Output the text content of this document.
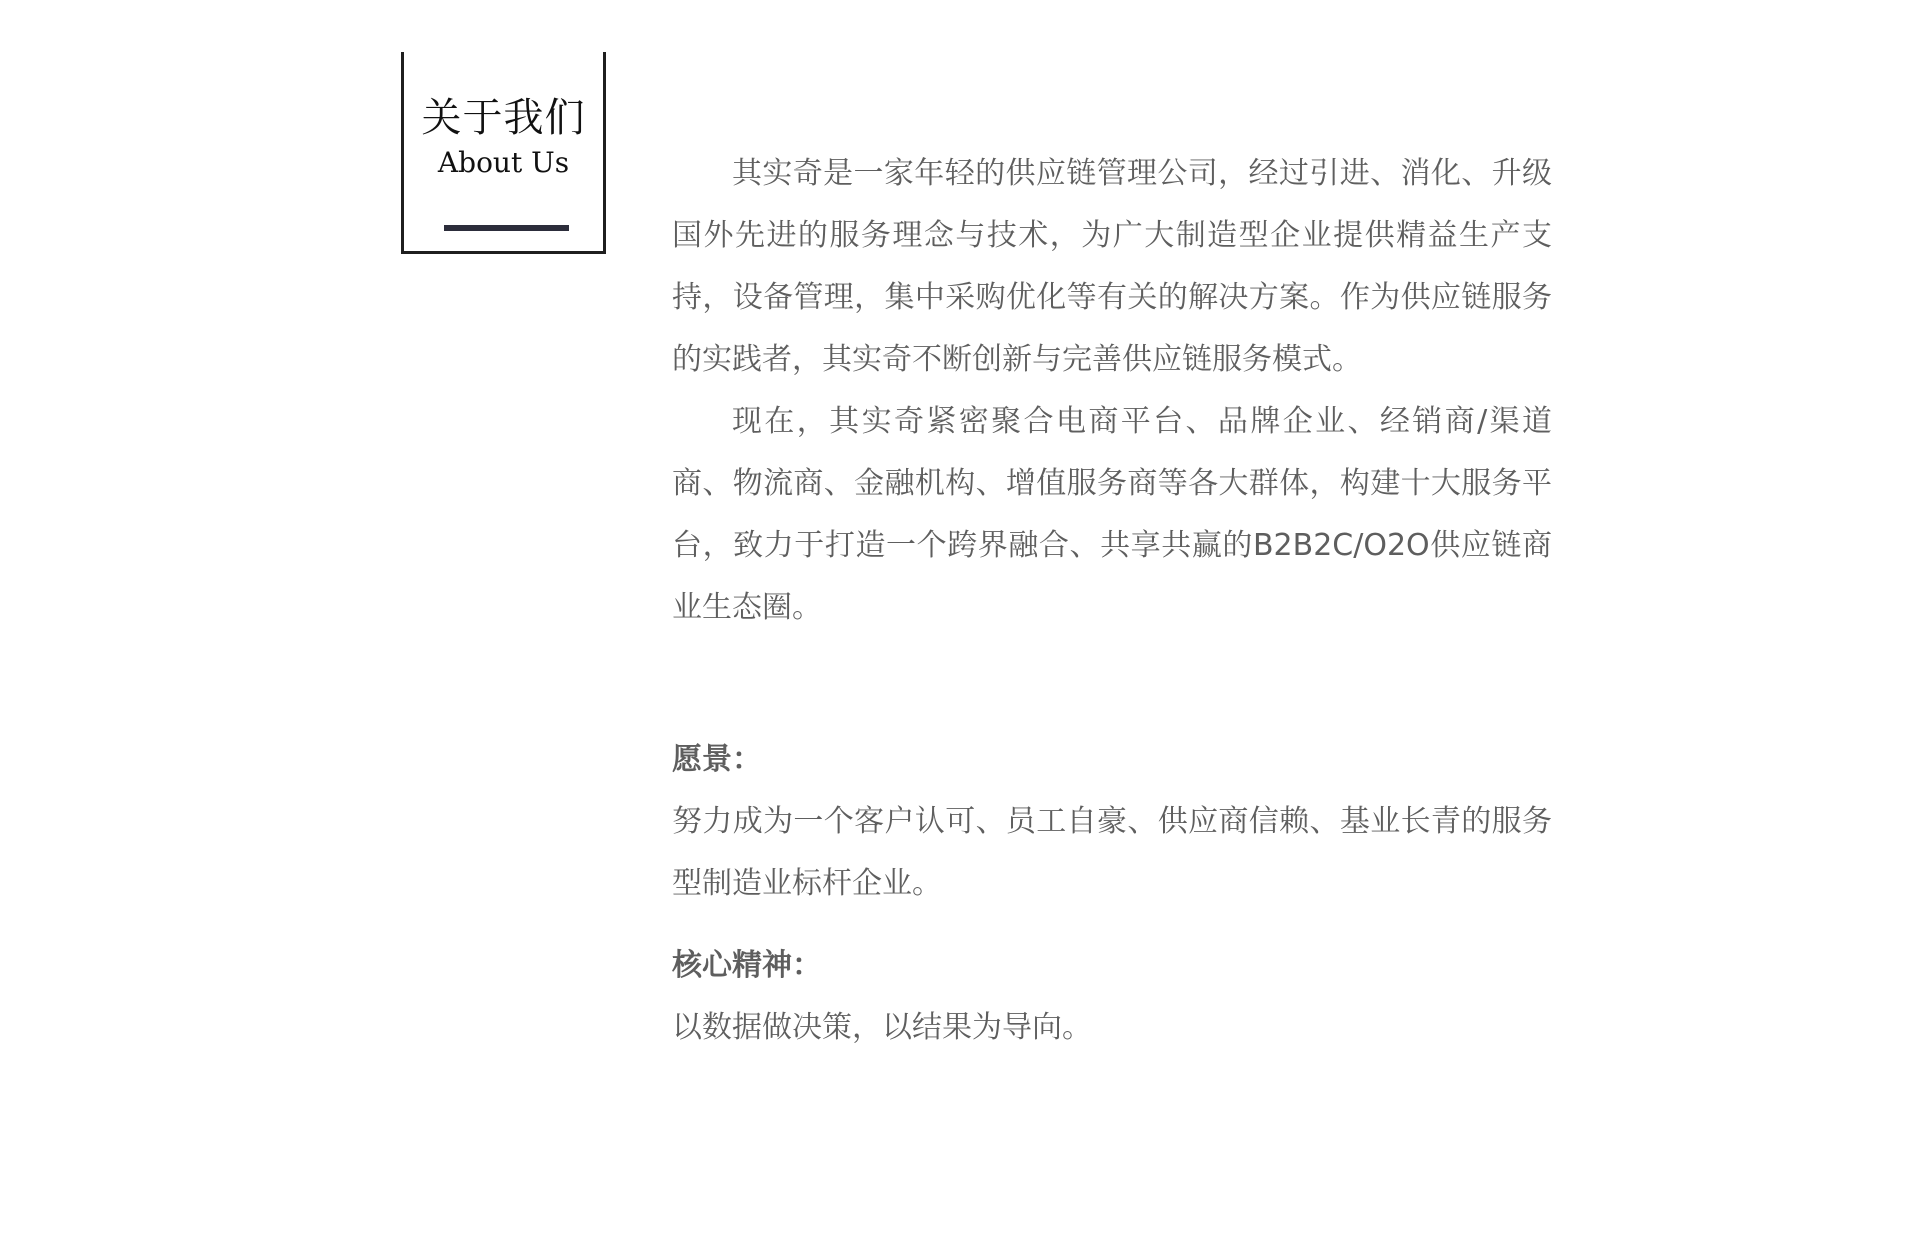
关于我们
About Us	其实奇是一家年轻的供应链管理公司，经过引进、消化、升级国外先进的服务理念与技术，为广大制造型企业提供精益生产支持，设备管理，集中采购优化等有关的解决方案。作为供应链服务的实践者，其实奇不断创新与完善供应链服务模式。

现在，其实奇紧密聚合电商平台、品牌企业、经销商/渠道商、物流商、金融机构、增值服务商等各大群体，构建十大服务平台，致力于打造一个跨界融合、共享共赢的B2B2C/O2O供应链商业生态圈。

愿景：

努力成为一个客户认可、员工自豪、供应商信赖、基业长青的服务型制造业标杆企业。

核心精神：

以数据做决策，以结果为导向。
